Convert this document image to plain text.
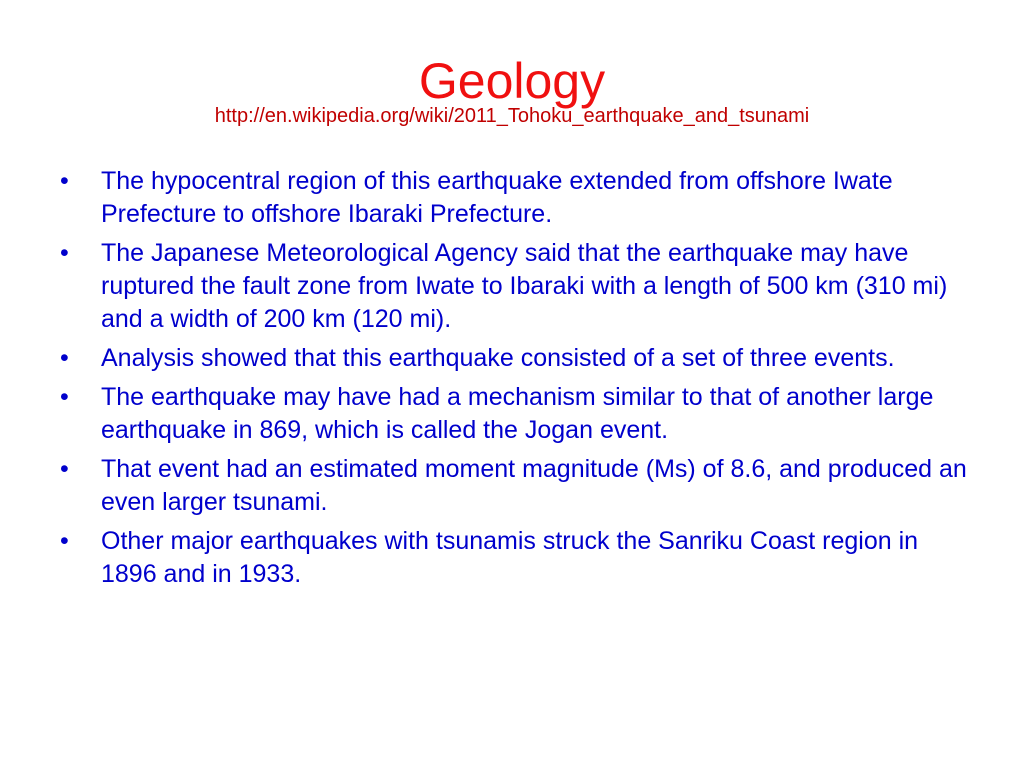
Geology
http://en.wikipedia.org/wiki/2011_Tohoku_earthquake_and_tsunami
•	The hypocentral region of this earthquake extended from offshore Iwate Prefecture to offshore Ibaraki Prefecture.
•	The Japanese Meteorological Agency said that the earthquake may have ruptured the fault zone from Iwate to Ibaraki with a length of 500 km (310 mi) and a width of 200 km (120 mi).
•	Analysis showed that this earthquake consisted of a set of three events.
•	The earthquake may have had a mechanism similar to that of another large earthquake in 869, which is called the Jogan event.
•	That event had an estimated moment magnitude (Ms) of 8.6, and produced an even larger tsunami.
•	Other major earthquakes with tsunamis struck the Sanriku Coast region in 1896 and in 1933.
